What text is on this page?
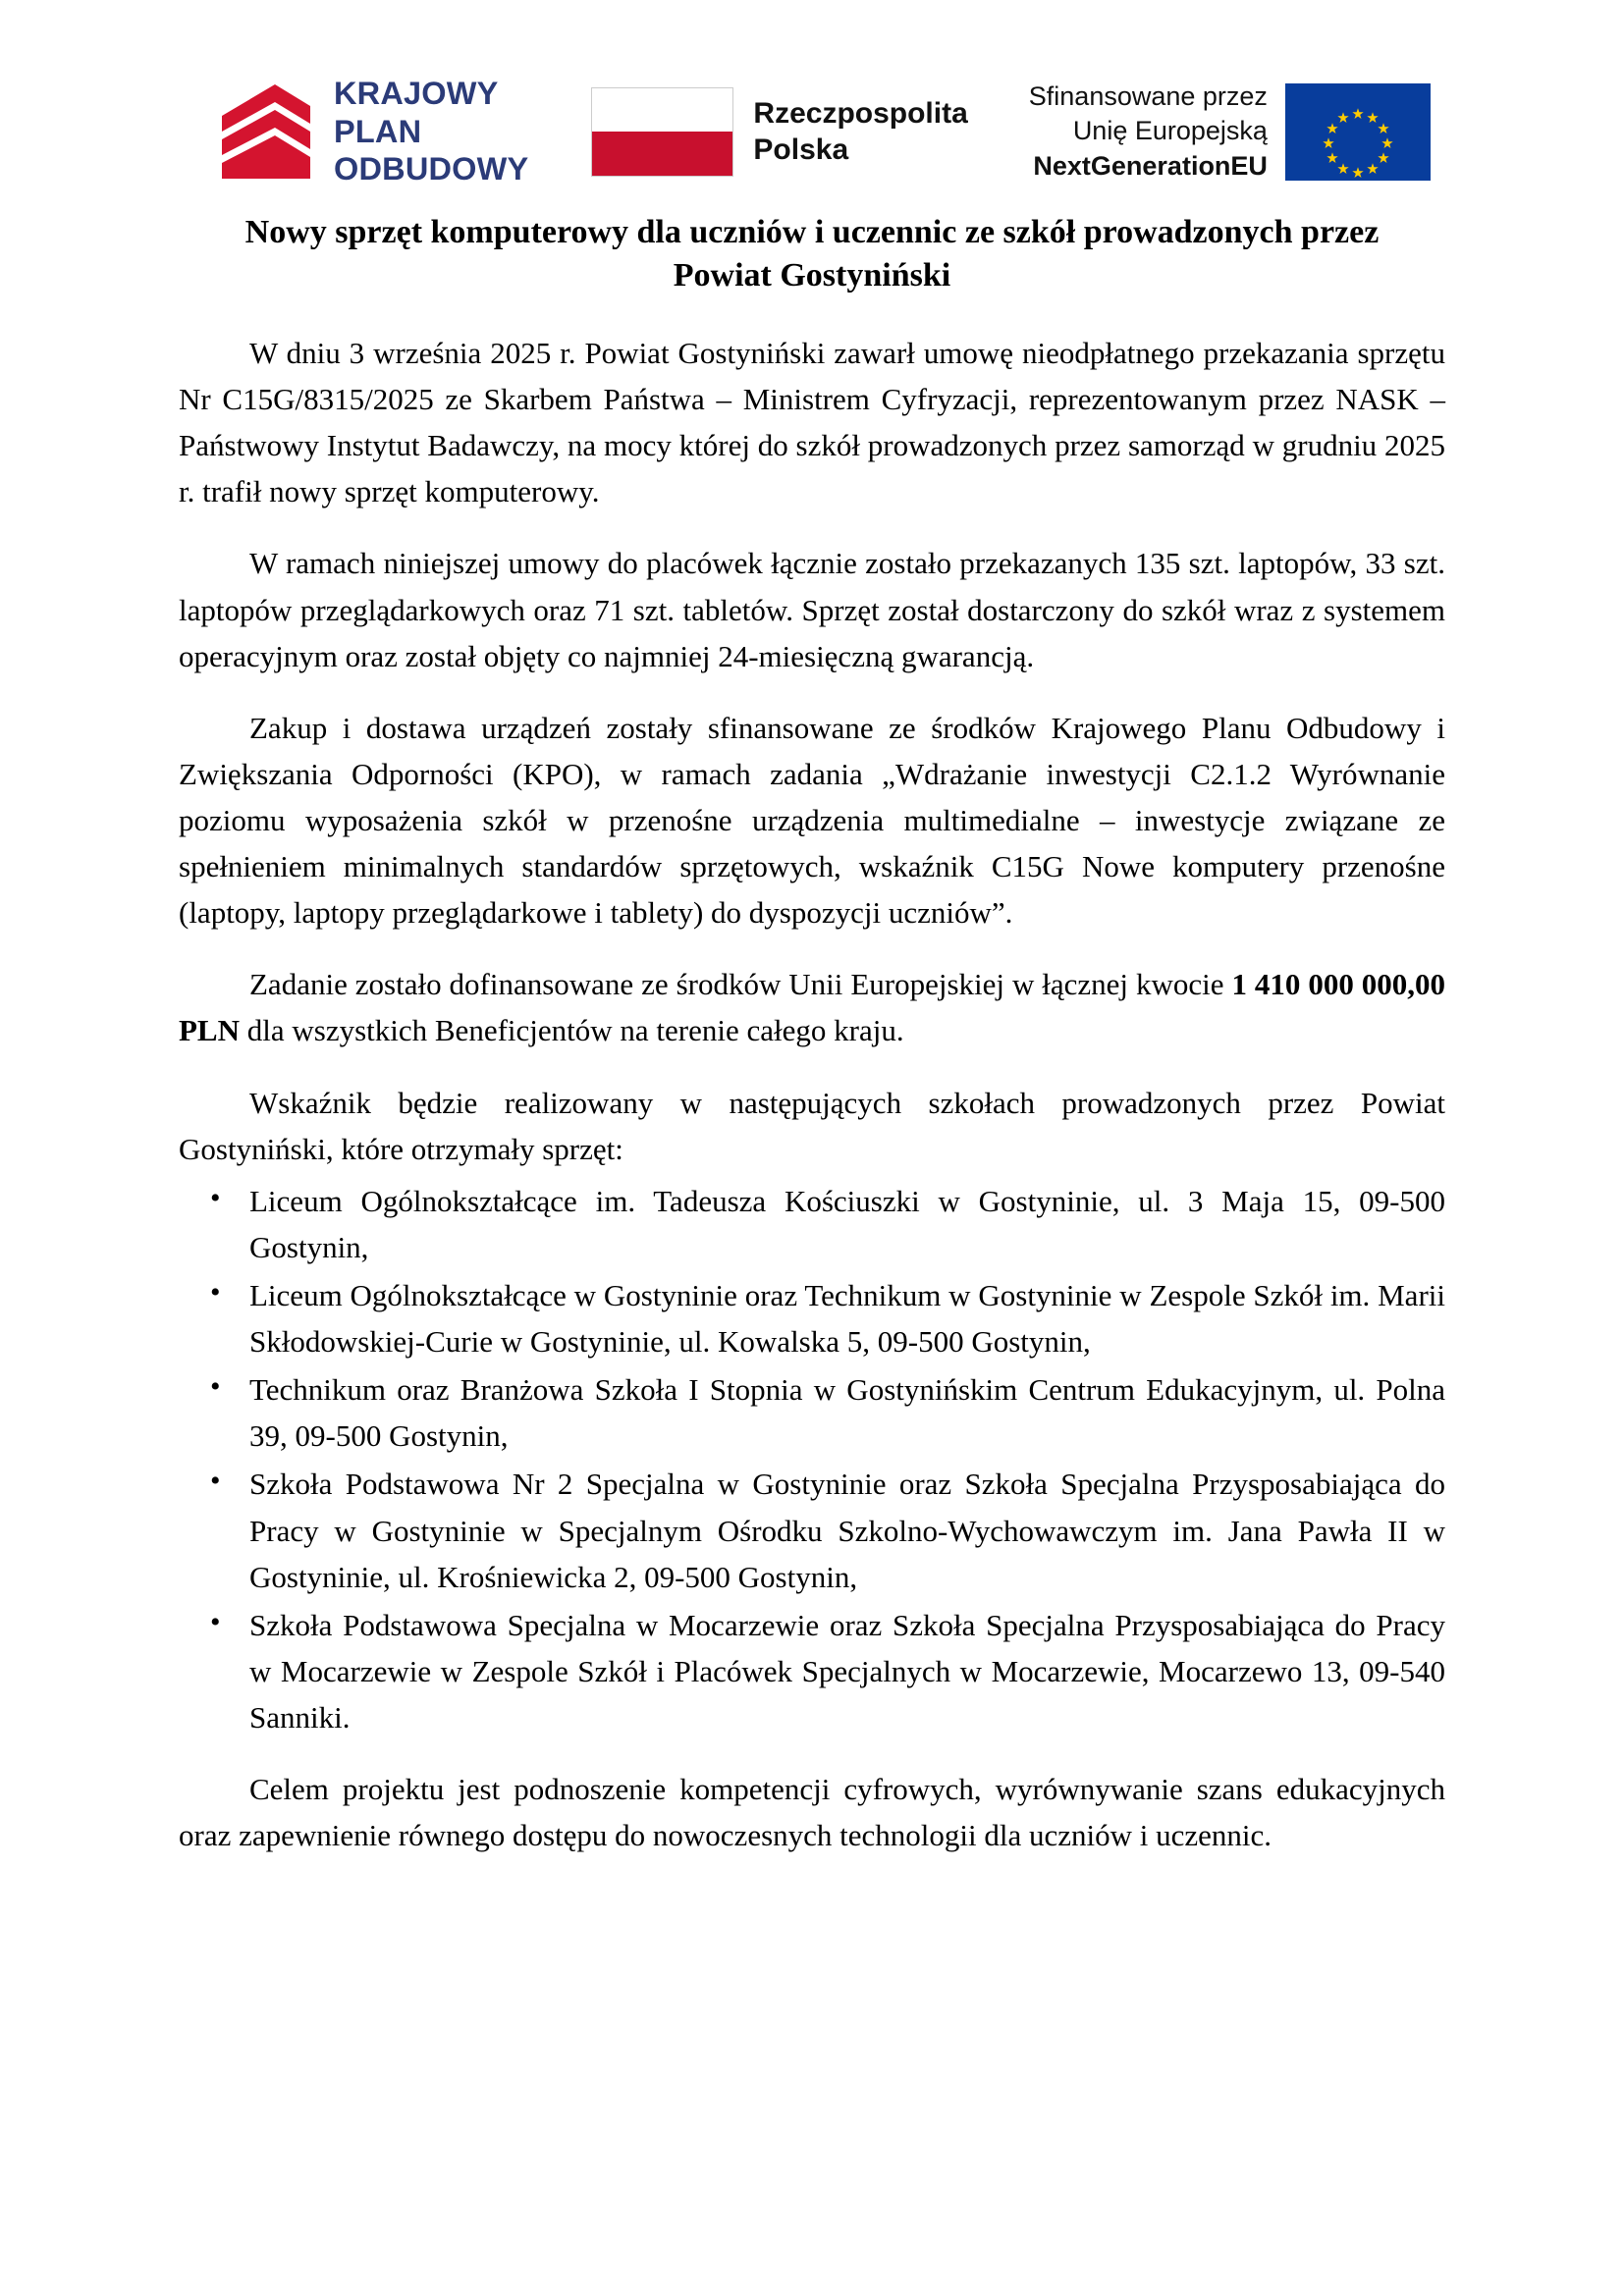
KRAJOWY
PLAN
ODBUDOWY
Rzeczpospolita
Polska
Sfinansowane przez
Unię Europejską
NextGenerationEU
Nowy sprzęt komputerowy dla uczniów i uczennic ze szkół prowadzonych przez Powiat Gostyniński

W dniu 3 września 2025 r. Powiat Gostyniński zawarł umowę nieodpłatnego przekazania sprzętu Nr C15G/8315/2025 ze Skarbem Państwa – Ministrem Cyfryzacji, reprezentowanym przez NASK – Państwowy Instytut Badawczy, na mocy której do szkół prowadzonych przez samorząd w grudniu 2025 r. trafił nowy sprzęt komputerowy.

W ramach niniejszej umowy do placówek łącznie zostało przekazanych 135 szt. laptopów, 33 szt. laptopów przeglądarkowych oraz 71 szt. tabletów. Sprzęt został dostarczony do szkół wraz z systemem operacyjnym oraz został objęty co najmniej 24-miesięczną gwarancją.

Zakup i dostawa urządzeń zostały sfinansowane ze środków Krajowego Planu Odbudowy i Zwiększania Odporności (KPO), w ramach zadania „Wdrażanie inwestycji C2.1.2 Wyrównanie poziomu wyposażenia szkół w przenośne urządzenia multimedialne – inwestycje związane ze spełnieniem minimalnych standardów sprzętowych, wskaźnik C15G Nowe komputery przenośne (laptopy, laptopy przeglądarkowe i tablety) do dyspozycji uczniów”.

Zadanie zostało dofinansowane ze środków Unii Europejskiej w łącznej kwocie 1 410 000 000,00 PLN dla wszystkich Beneficjentów na terenie całego kraju.

Wskaźnik będzie realizowany w następujących szkołach prowadzonych przez Powiat Gostyniński, które otrzymały sprzęt:

• Liceum Ogólnokształcące im. Tadeusza Kościuszki w Gostyninie, ul. 3 Maja 15, 09-500 Gostynin,
• Liceum Ogólnokształcące w Gostyninie oraz Technikum w Gostyninie w Zespole Szkół im. Marii Skłodowskiej-Curie w Gostyninie, ul. Kowalska 5, 09-500 Gostynin,
• Technikum oraz Branżowa Szkoła I Stopnia w Gostynińskim Centrum Edukacyjnym, ul. Polna 39, 09-500 Gostynin,
• Szkoła Podstawowa Nr 2 Specjalna w Gostyninie oraz Szkoła Specjalna Przysposabiająca do Pracy w Gostyninie w Specjalnym Ośrodku Szkolno-Wychowawczym im. Jana Pawła II w Gostyninie, ul. Krośniewicka 2, 09-500 Gostynin,
• Szkoła Podstawowa Specjalna w Mocarzewie oraz Szkoła Specjalna Przysposabiająca do Pracy w Mocarzewie w Zespole Szkół i Placówek Specjalnych w Mocarzewie, Mocarzewo 13, 09-540 Sanniki.

Celem projektu jest podnoszenie kompetencji cyfrowych, wyrównywanie szans edukacyjnych oraz zapewnienie równego dostępu do nowoczesnych technologii dla uczniów i uczennic.
